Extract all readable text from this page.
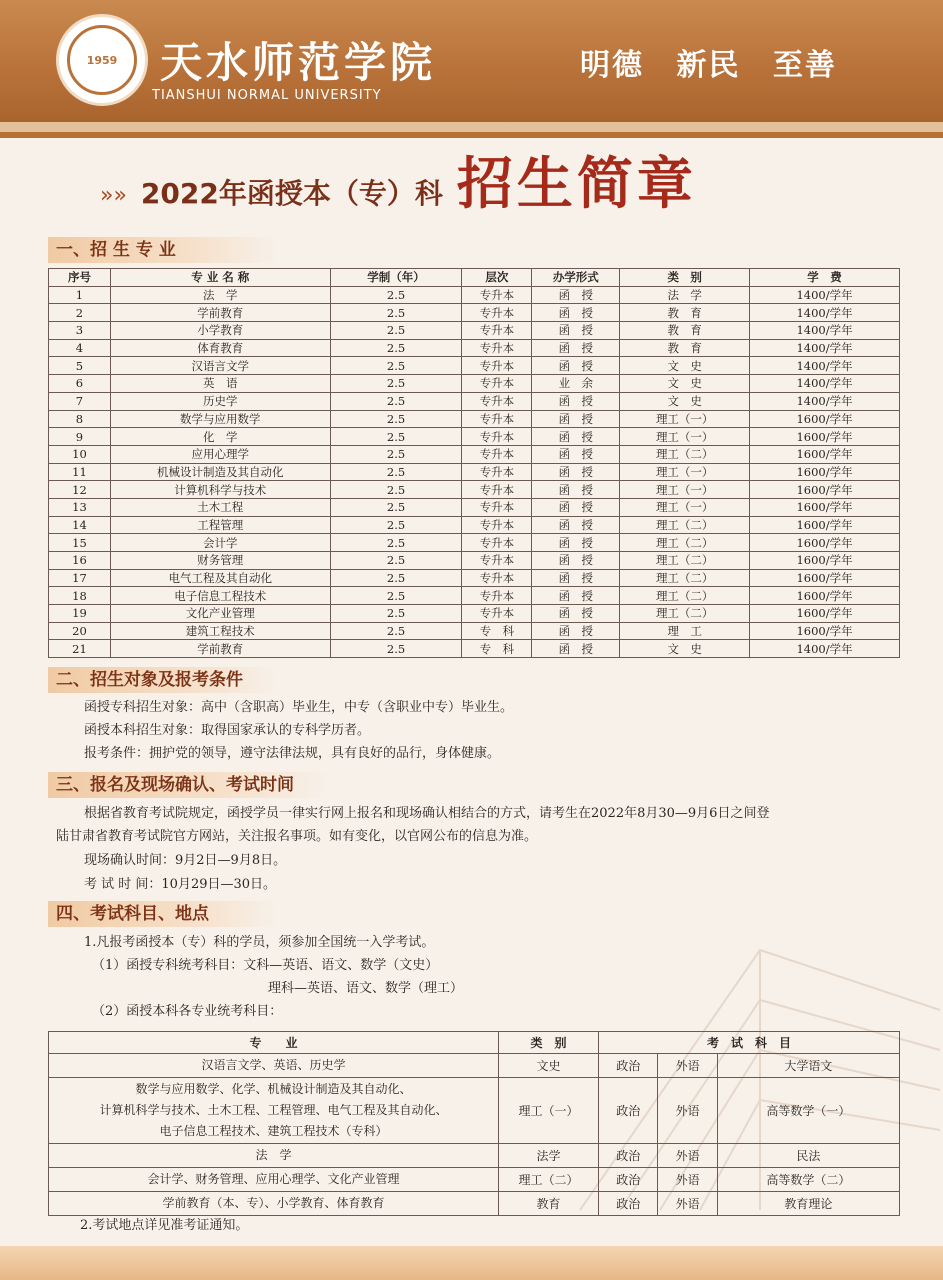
1959	天水师范学院
TIANSHUI NORMAL UNIVERSITY
明德 新民 至善
»» 2022年函授本（专）科 招生简章
一、招 生 专 业
序号	专 业 名 称	学制（年）	层次	办学形式	类　别	学　费
1	法　学	2.5	专升本	函　授	法　学	1400/学年
2	学前教育	2.5	专升本	函　授	教　育	1400/学年
3	小学教育	2.5	专升本	函　授	教　育	1400/学年
4	体育教育	2.5	专升本	函　授	教　育	1400/学年
5	汉语言文学	2.5	专升本	函　授	文　史	1400/学年
6	英　语	2.5	专升本	业　余	文　史	1400/学年
7	历史学	2.5	专升本	函　授	文　史	1400/学年
8	数学与应用数学	2.5	专升本	函　授	理工（一）	1600/学年
9	化　学	2.5	专升本	函　授	理工（一）	1600/学年
10	应用心理学	2.5	专升本	函　授	理工（二）	1600/学年
11	机械设计制造及其自动化	2.5	专升本	函　授	理工（一）	1600/学年
12	计算机科学与技术	2.5	专升本	函　授	理工（一）	1600/学年
13	土木工程	2.5	专升本	函　授	理工（一）	1600/学年
14	工程管理	2.5	专升本	函　授	理工（二）	1600/学年
15	会计学	2.5	专升本	函　授	理工（二）	1600/学年
16	财务管理	2.5	专升本	函　授	理工（二）	1600/学年
17	电气工程及其自动化	2.5	专升本	函　授	理工（二）	1600/学年
18	电子信息工程技术	2.5	专升本	函　授	理工（二）	1600/学年
19	文化产业管理	2.5	专升本	函　授	理工（二）	1600/学年
20	建筑工程技术	2.5	专　科	函　授	理　工	1600/学年
21	学前教育	2.5	专　科	函　授	文　史	1400/学年
二、招生对象及报考条件
函授专科招生对象：高中（含职高）毕业生，中专（含职业中专）毕业生。
函授本科招生对象：取得国家承认的专科学历者。
报考条件：拥护党的领导，遵守法律法规，具有良好的品行，身体健康。
三、报名及现场确认、考试时间
根据省教育考试院规定，函授学员一律实行网上报名和现场确认相结合的方式，请考生在2022年8月30—9月6日之间登
陆甘肃省教育考试院官方网站，关注报名事项。如有变化，以官网公布的信息为准。
现场确认时间：9月2日—9月8日。
考 试 时 间：10月29日—30日。
四、考试科目、地点
1.凡报考函授本（专）科的学员，须参加全国统一入学考试。
（1）函授专科统考科目：文科—英语、语文、数学（文史）
理科—英语、语文、数学（理工）
（2）函授本科各专业统考科目：
专　　业	类　别	考　试　科　目		
汉语言文学、英语、历史学	文史	政治	外语	大学语文
数学与应用数学、化学、机械设计制造及其自动化、
计算机科学与技术、土木工程、工程管理、电气工程及其自动化、
电子信息工程技术、建筑工程技术（专科）	理工（一）	政治	外语	高等数学（一）
法　学	法学	政治	外语	民法
会计学、财务管理、应用心理学、文化产业管理	理工（二）	政治	外语	高等数学（二）
学前教育（本、专）、小学教育、体育教育	教育	政治	外语	教育理论
2.考试地点详见准考证通知。
